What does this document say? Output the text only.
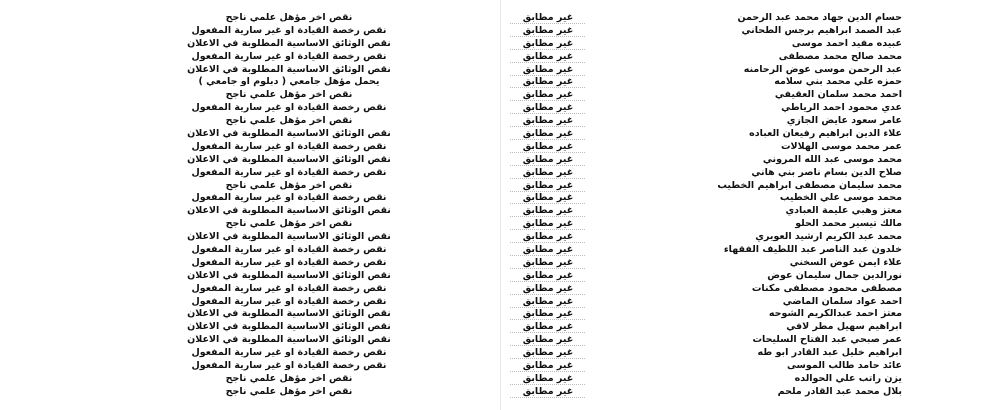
حسام الدين جهاد محمد عبد الرحمن
غير مطابق
نقص اخر مؤهل علمي ناجح
عبد الصمد ابراهيم برجس الطحاني
غير مطابق
نقص رخصة القيادة او غير سارية المفعول
عبيده مفيد احمد موسى
غير مطابق
نقص الوثائق الاساسية المطلوبة في الاعلان
محمد صالح محمد مصطفى
غير مطابق
نقص رخصة القيادة او غير سارية المفعول
عبد الرحمن موسى عوض الرحامنه
غير مطابق
نقص الوثائق الاساسية المطلوبة في الاعلان
حمزه علي محمد بني سلامه
غير مطابق
يحمل مؤهل جامعي ( دبلوم او جامعي )
احمد محمد سلمان العقيفي
غير مطابق
نقص اخر مؤهل علمي ناجح
عدي محمود احمد الرياطي
غير مطابق
نقص رخصة القيادة او غير سارية المفعول
عامر سعود عايض الجازي
غير مطابق
نقص اخر مؤهل علمي ناجح
علاء الدين ابراهيم رفيعان العباده
غير مطابق
نقص الوثائق الاساسية المطلوبة في الاعلان
عمر محمد موسى الهلالات
غير مطابق
نقص رخصة القيادة او غير سارية المفعول
محمد موسى عبد الله المروني
غير مطابق
نقص الوثائق الاساسية المطلوبة في الاعلان
صلاح الدين بسام ناصر بني هاني
غير مطابق
نقص رخصة القيادة او غير سارية المفعول
محمد سليمان مصطفى ابراهيم الخطيب
غير مطابق
نقص اخر مؤهل علمي ناجح
محمد موسى علي الخطيب
غير مطابق
نقص رخصة القيادة او غير سارية المفعول
معتز وهبي عليمة العبادي
غير مطابق
نقص الوثائق الاساسية المطلوبة في الاعلان
مالك تيسير محمد الحلو
غير مطابق
نقص اخر مؤهل علمي ناجح
محمد عبد الكريم ارشيد العويري
غير مطابق
نقص الوثائق الاساسية المطلوبة في الاعلان
خلدون عبد الناصر عبد اللطيف الفقهاء
غير مطابق
نقص رخصة القيادة او غير سارية المفعول
علاء ايمن عوض السخني
غير مطابق
نقص رخصة القيادة او غير سارية المفعول
نورالدين جمال سليمان عوض
غير مطابق
نقص الوثائق الاساسية المطلوبة في الاعلان
مصطفى محمود مصطفى مكنات
غير مطابق
نقص رخصة القيادة او غير سارية المفعول
احمد عواد سلمان الماضي
غير مطابق
نقص رخصة القيادة او غير سارية المفعول
معتز احمد عبدالكريم الشوحه
غير مطابق
نقص الوثائق الاساسية المطلوبة في الاعلان
ابراهيم سهيل مطر لافي
غير مطابق
نقص الوثائق الاساسية المطلوبة في الاعلان
عمر صبحي عبد الفتاح السليحات
غير مطابق
نقص الوثائق الاساسية المطلوبة في الاعلان
ابراهيم خليل عبد القادر ابو طه
غير مطابق
نقص رخصة القيادة او غير سارية المفعول
عائد حامد طالب الموسى
غير مطابق
نقص رخصة القيادة او غير سارية المفعول
يزن راتب علي الحوالده
غير مطابق
نقص اخر مؤهل علمي ناجح
بلال محمد عبد القادر ملحم
غير مطابق
نقص اخر مؤهل علمي ناجح
